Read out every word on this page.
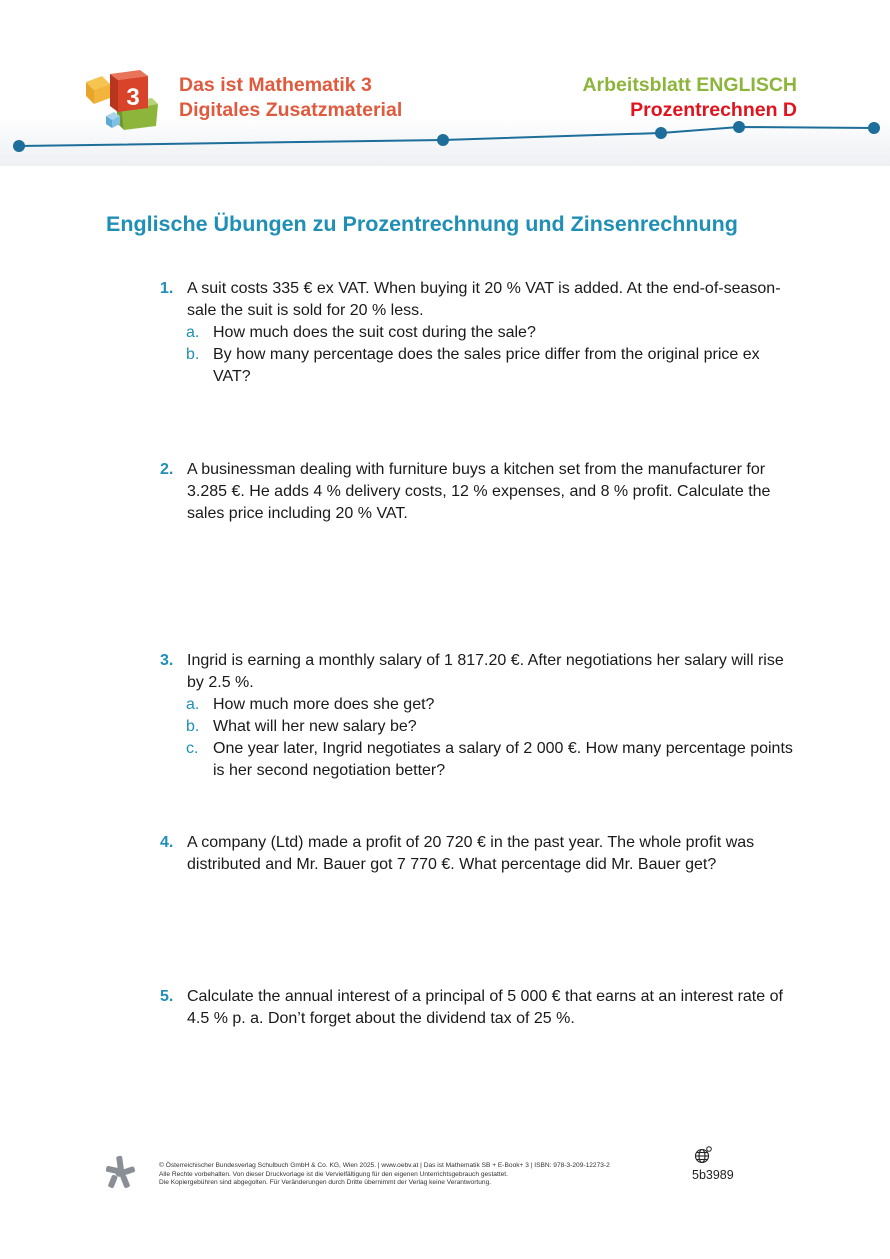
3 Das ist Mathematik 3
Digitales Zusatzmaterial
Arbeitsblatt ENGLISCH
Prozentrechnen D
Englische Übungen zu Prozentrechnung und Zinsenrechnung
1. A suit costs 335 € ex VAT. When buying it 20 % VAT is added. At the end-of-season-sale the suit is sold for 20 % less.
a. How much does the suit cost during the sale?
b. By how many percentage does the sales price differ from the original price ex VAT?
2. A businessman dealing with furniture buys a kitchen set from the manufacturer for 3.285 €. He adds 4 % delivery costs, 12 % expenses, and 8 % profit. Calculate the sales price including 20 % VAT.
3. Ingrid is earning a monthly salary of 1 817.20 €. After negotiations her salary will rise by 2.5 %.
a. How much more does she get?
b. What will her new salary be?
c. One year later, Ingrid negotiates a salary of 2 000 €. How many percentage points is her second negotiation better?
4. A company (Ltd) made a profit of 20 720 € in the past year. The whole profit was distributed and Mr. Bauer got 7 770 €. What percentage did Mr. Bauer get?
5. Calculate the annual interest of a principal of 5 000 € that earns at an interest rate of 4.5 % p. a. Don’t forget about the dividend tax of 25 %.
© Österreichischer Bundesverlag Schulbuch GmbH & Co. KG, Wien 2025. | www.oebv.at | Das ist Mathematik SB + E-Book+ 3 | ISBN: 978-3-209-12273-2
Alle Rechte vorbehalten. Von dieser Druckvorlage ist die Vervielfältigung für den eigenen Unterrichtsgebrauch gestattet.
Die Kopiergebühren sind abgegolten. Für Veränderungen durch Dritte übernimmt der Verlag keine Verantwortung.
5b3989
